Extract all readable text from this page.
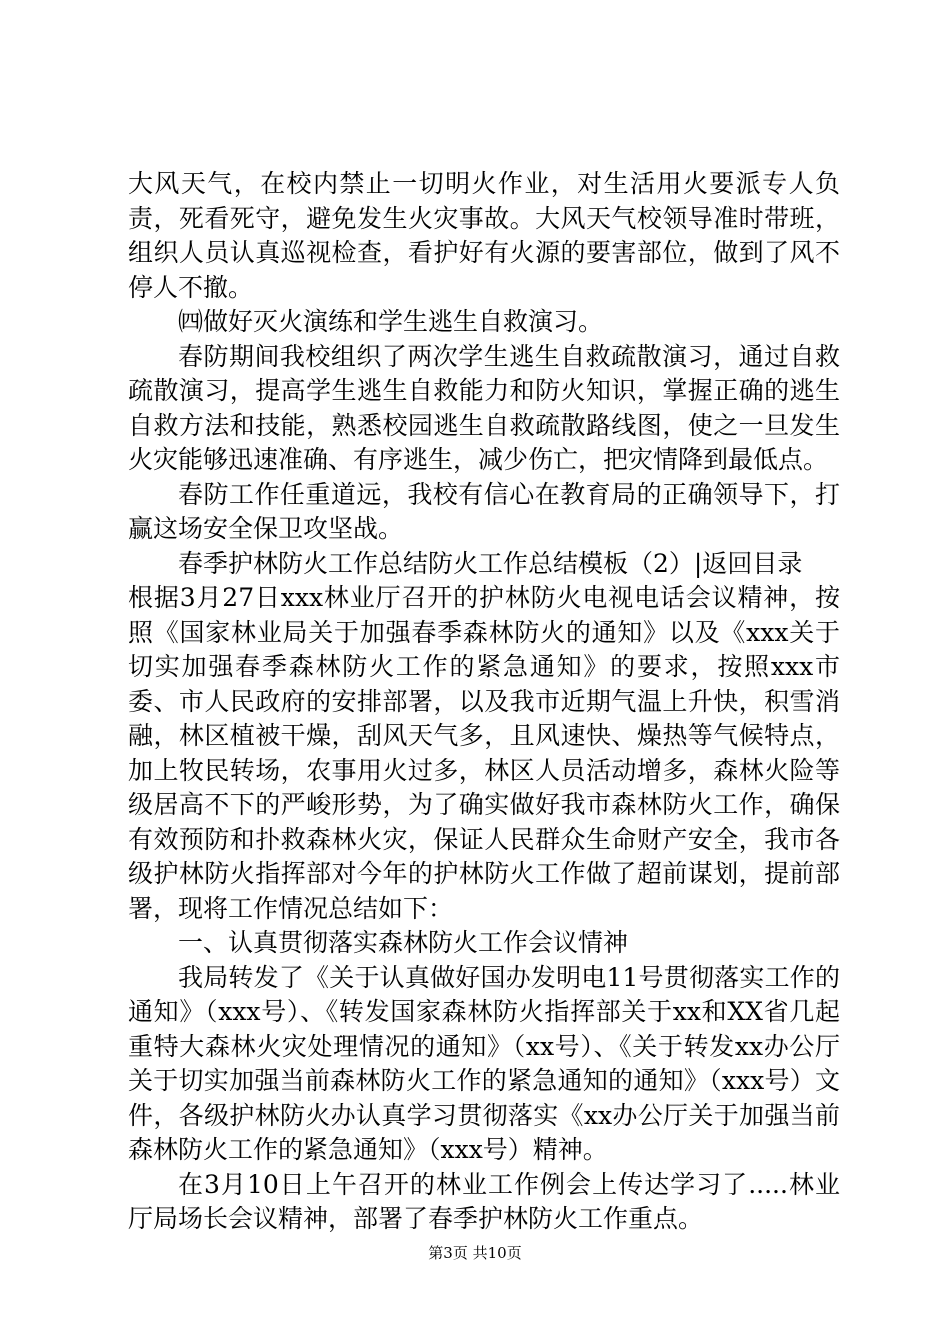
大风天气，在校内禁止一切明火作业，对生活用火要派专人负责，死看死守，避免发生火灾事故。大风天气校领导准时带班，组织人员认真巡视检查，看护好有火源的要害部位，做到了风不停人不撤。

㈣做好灭火演练和学生逃生自救演习。

春防期间我校组织了两次学生逃生自救疏散演习，通过自救疏散演习，提高学生逃生自救能力和防火知识，掌握正确的逃生自救方法和技能，熟悉校园逃生自救疏散路线图，使之一旦发生火灾能够迅速准确、有序逃生，减少伤亡，把灾情降到最低点。

春防工作任重道远，我校有信心在教育局的正确领导下，打赢这场安全保卫攻坚战。

春季护林防火工作总结防火工作总结模板（2）|返回目录

根据3月27日xxx林业厅召开的护林防火电视电话会议精神，按照《国家林业局关于加强春季森林防火的通知》以及《xxx关于切实加强春季森林防火工作的紧急通知》的要求，按照xxx市委、市人民政府的安排部署，以及我市近期气温上升快，积雪消融，林区植被干燥，刮风天气多，且风速快、燥热等气候特点，加上牧民转场，农事用火过多，林区人员活动增多，森林火险等级居高不下的严峻形势，为了确实做好我市森林防火工作，确保有效预防和扑救森林火灾，保证人民群众生命财产安全，我市各级护林防火指挥部对今年的护林防火工作做了超前谋划，提前部署，现将工作情况总结如下：

一、认真贯彻落实森林防火工作会议情神

我局转发了《关于认真做好国办发明电11号贯彻落实工作的通知》（xxx号）、《转发国家森林防火指挥部关于xx和XX省几起重特大森林火灾处理情况的通知》（xx号）、《关于转发xx办公厅关于切实加强当前森林防火工作的紧急通知的通知》（xxx号）文件，各级护林防火办认真学习贯彻落实《xx办公厅关于加强当前森林防火工作的紧急通知》（xxx号）精神。

在3月10日上午召开的林业工作例会上传达学习了.....林业厅局场长会议精神，部署了春季护林防火工作重点。

第3页 共10页
